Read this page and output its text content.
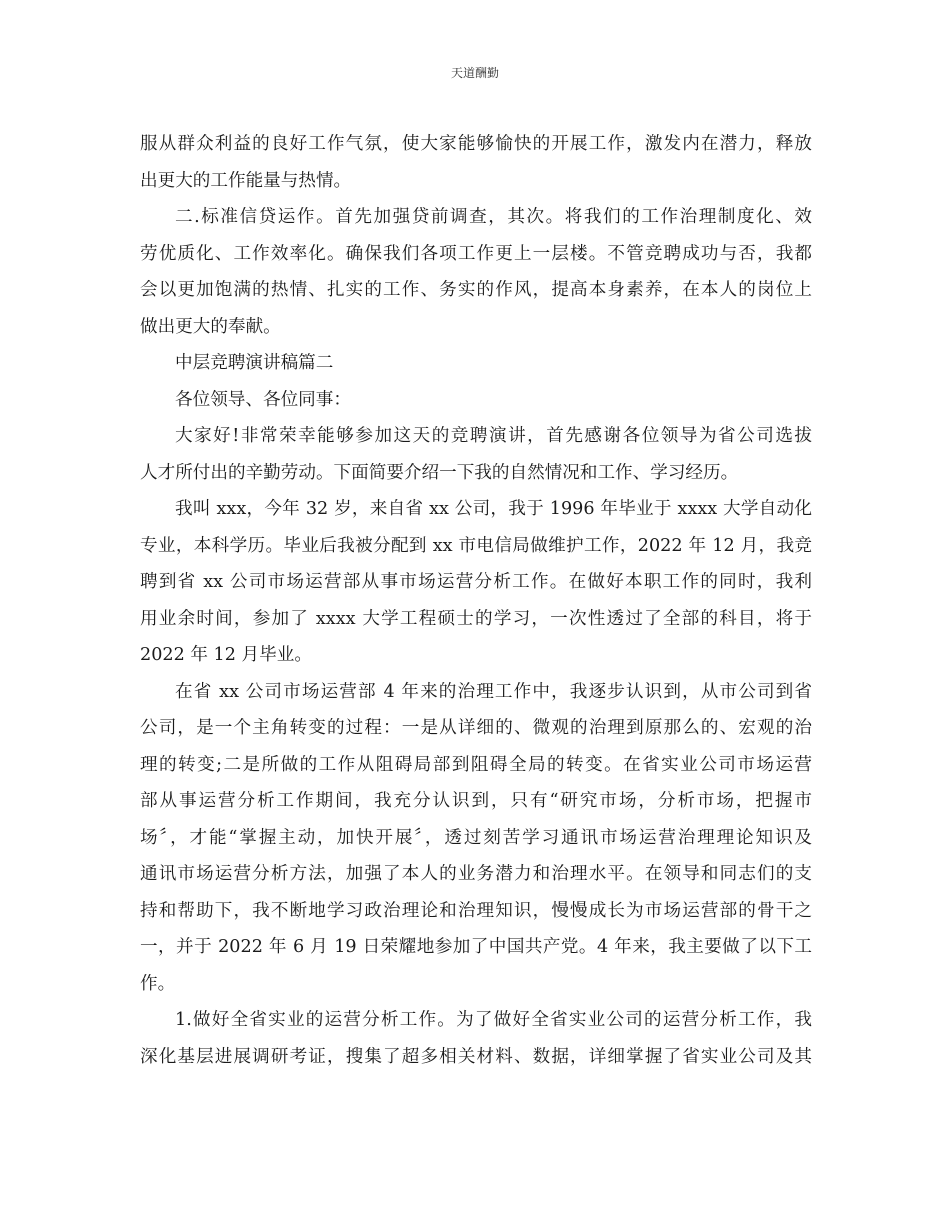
天道酬勤
服从群众利益的良好工作气氛，使大家能够愉快的开展工作，激发内在潜力，释放
出更大的工作能量与热情。
二.标准信贷运作。首先加强贷前调查，其次。将我们的工作治理制度化、效
劳优质化、工作效率化。确保我们各项工作更上一层楼。不管竞聘成功与否，我都
会以更加饱满的热情、扎实的工作、务实的作风，提高本身素养，在本人的岗位上
做出更大的奉献。
中层竞聘演讲稿篇二
各位领导、各位同事：
大家好!非常荣幸能够参加这天的竞聘演讲，首先感谢各位领导为省公司选拔
人才所付出的辛勤劳动。下面简要介绍一下我的自然情况和工作、学习经历。
我叫 xxx，今年 32 岁，来自省 xx 公司，我于 1996 年毕业于 xxxx 大学自动化
专业，本科学历。毕业后我被分配到 xx 市电信局做维护工作，2022 年 12 月，我竞
聘到省 xx 公司市场运营部从事市场运营分析工作。在做好本职工作的同时，我利
用业余时间，参加了 xxxx 大学工程硕士的学习，一次性透过了全部的科目，将于
2022 年 12 月毕业。
在省 xx 公司市场运营部 4 年来的治理工作中，我逐步认识到，从市公司到省
公司，是一个主角转变的过程：一是从详细的、微观的治理到原那么的、宏观的治
理的转变;二是所做的工作从阻碍局部到阻碍全局的转变。在省实业公司市场运营
部从事运营分析工作期间，我充分认识到，只有“研究市场，分析市场，把握市
场〞，才能“掌握主动，加快开展〞，透过刻苦学习通讯市场运营治理理论知识及
通讯市场运营分析方法，加强了本人的业务潜力和治理水平。在领导和同志们的支
持和帮助下，我不断地学习政治理论和治理知识，慢慢成长为市场运营部的骨干之
一，并于 2022 年 6 月 19 日荣耀地参加了中国共产党。4 年来，我主要做了以下工
作。
1.做好全省实业的运营分析工作。为了做好全省实业公司的运营分析工作，我
深化基层进展调研考证，搜集了超多相关材料、数据，详细掌握了省实业公司及其
